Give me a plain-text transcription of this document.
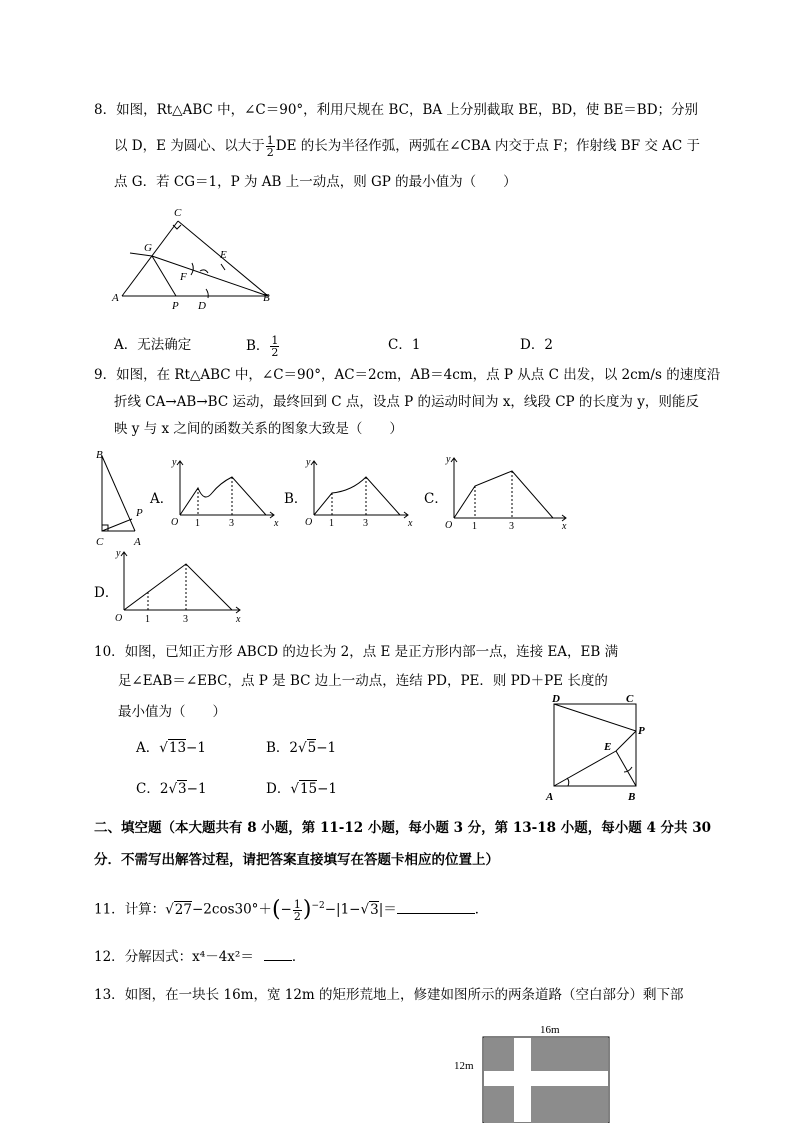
8．如图，Rt△ABC 中，∠C＝90°，利用尺规在 BC，BA 上分别截取 BE，BD，使 BE＝BD；分别
以 D，E 为圆心、以大于 $\frac{1}{2}$ DE 的长为半径作弧，两弧在∠CBA 内交于点 F；作射线 BF 交 AC 于
点 G．若 CG＝1，P 为 AB 上一动点，则 GP 的最小值为（　　）
C
G
E
F
A
P D
B
A．无法确定	B． $\frac{1}{2}$	C．1	D．2
9．如图，在 Rt△ABC 中，∠C＝90°，AC＝2cm，AB＝4cm，点 P 从点 C 出发，以 2cm/s 的速度沿
折线 CA→AB→BC 运动，最终回到 C 点，设点 P 的运动时间为 x，线段 CP 的长度为 y，则能反
映 y 与 x 之间的函数关系的图象大致是（　　）
B
P
C	A
A．
y
x
O 1	3
B．
y
x
O 1	3
C．
y
x
O 1	3
D．
y
x
O 1	3
10．如图，已知正方形 ABCD 的边长为 2，点 E 是正方形内部一点，连接 EA，EB 满
足∠EAB＝∠EBC，点 P 是 BC 边上一动点，连结 PD，PE．则 PD＋PE 长度的
最小值为（　　）
A．√13−1	B．2√5−1
C．2√3−1	D．√15−1
D	C
P
E
A	B
二、填空题（本大题共有 8 小题，第 11-12 小题，每小题 3 分，第 13-18 小题，每小题 4 分共 30
分．不需写出解答过程，请把答案直接填写在答题卡相应的位置上）
11．计算：$√27-2\cos 30^\circ+(- \frac{1}{2} )^{-2}-|1-√3|=$	．
12．分解因式：x⁴－4x²＝	．
13．如图，在一块长 16m，宽 12m 的矩形荒地上，修建如图所示的两条道路（空白部分）剩下部
16m
12m
